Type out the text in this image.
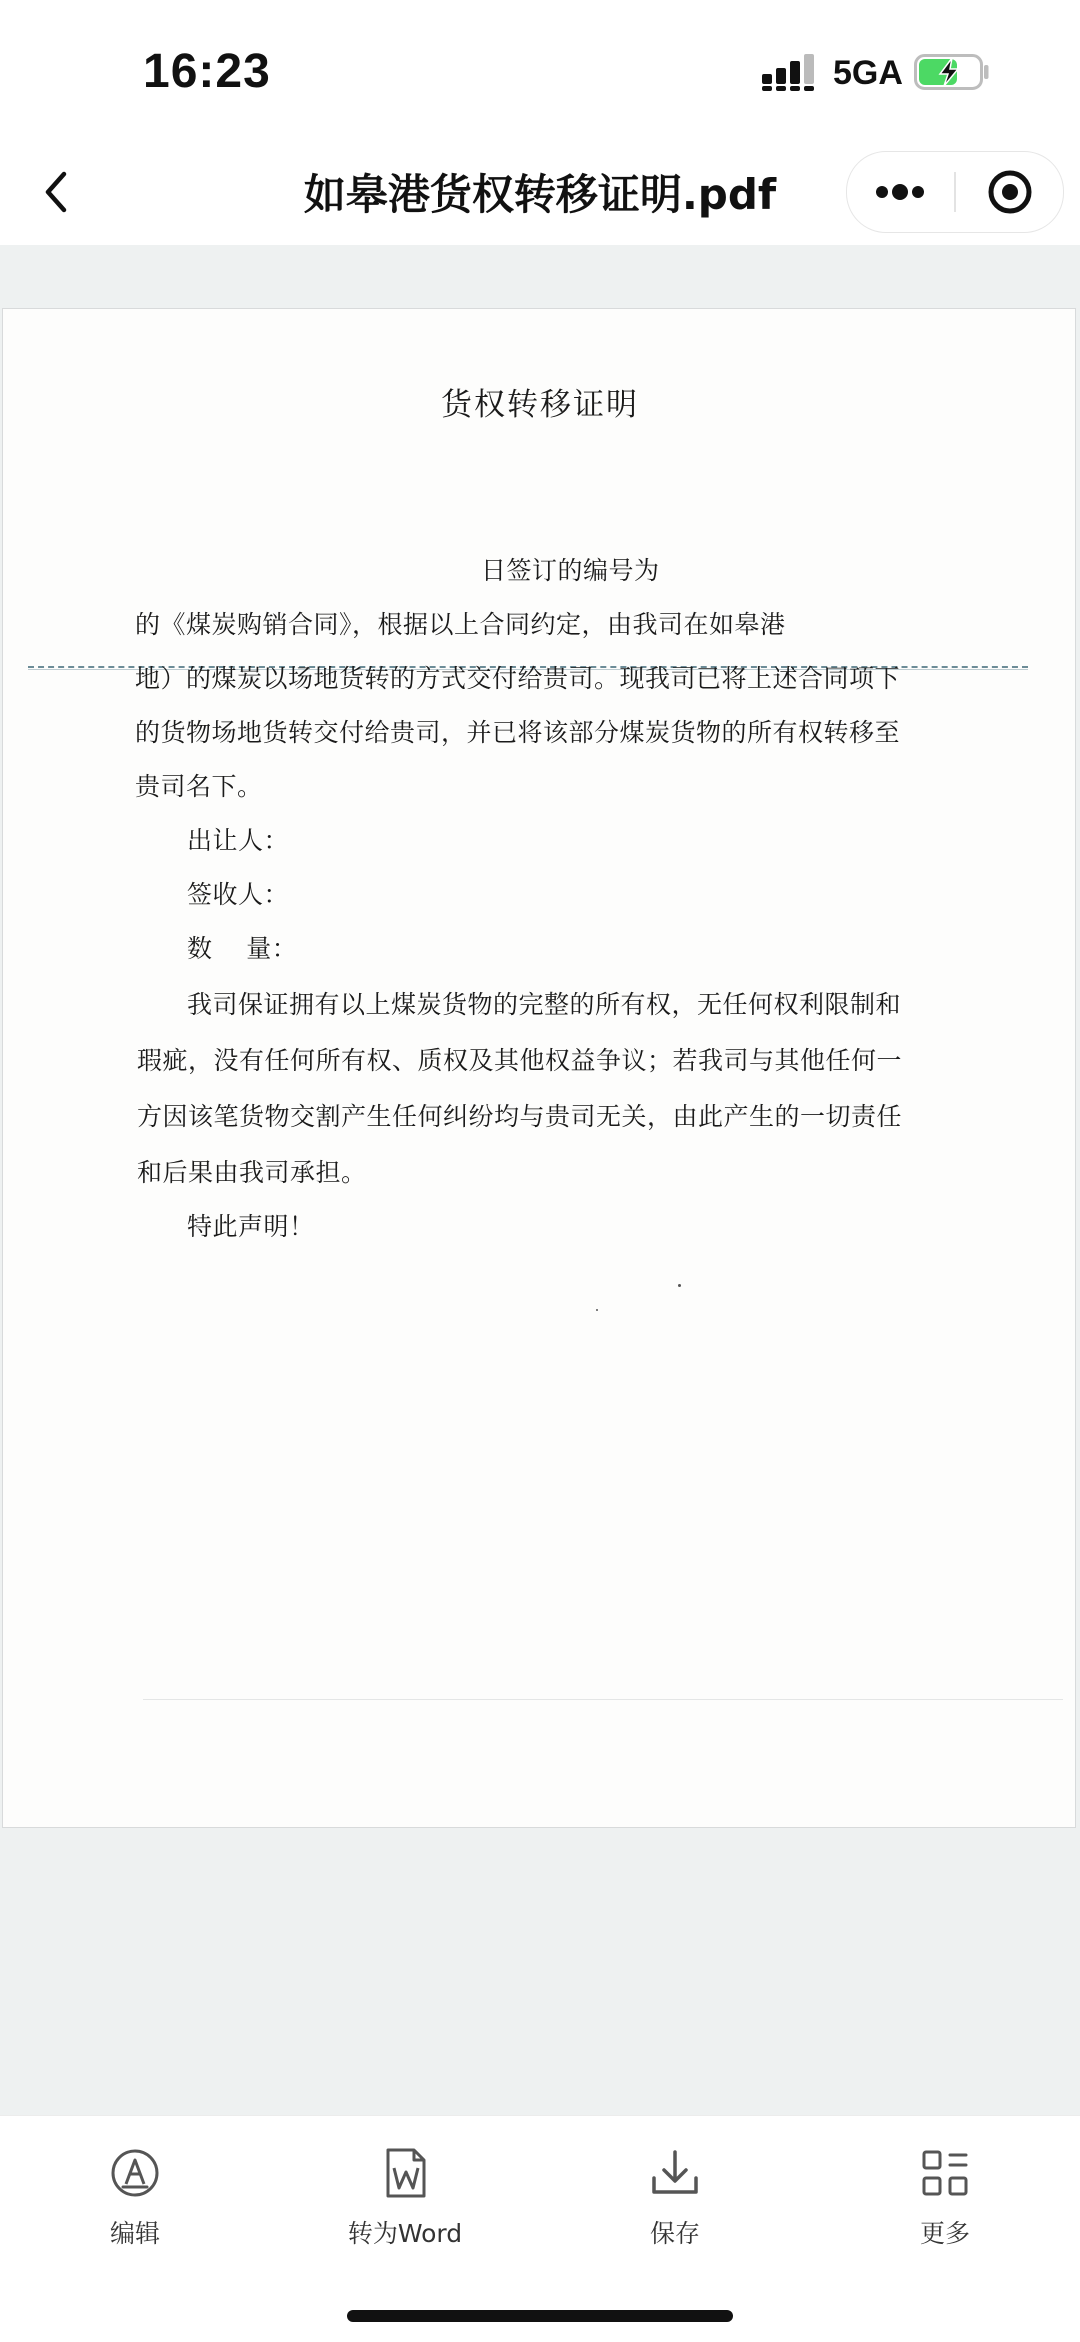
16:23	5GA
如皋港货权转移证明.pdf
货权转移证明
日签订的编号为
的《煤炭购销合同》，根据以上合同约定，由我司在如皋港
地）的煤炭以场地货转的方式交付给贵司。现我司已将上述合同项下
的货物场地货转交付给贵司，并已将该部分煤炭货物的所有权转移至
贵司名下。
出让人：
签收人：
数    量：
我司保证拥有以上煤炭货物的完整的所有权，无任何权利限制和
瑕疵，没有任何所有权、质权及其他权益争议；若我司与其他任何一
方因该笔货物交割产生任何纠纷均与贵司无关，由此产生的一切责任
和后果由我司承担。
特此声明！
编辑	转为Word	保存	更多
